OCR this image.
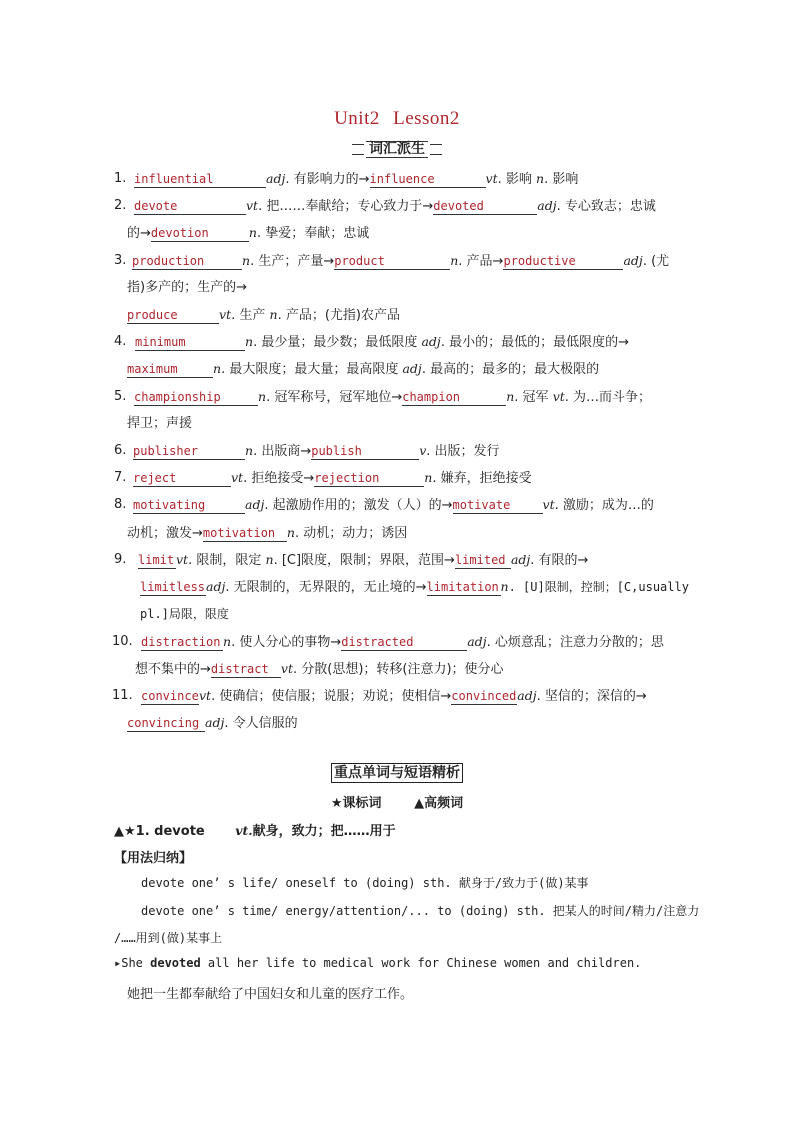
Unit2 Lesson2
词汇派生
1. influential	adj. 有影响力的→influence	vt. 影响 n. 影响
2. devote	vt. 把……奉献给；专心致力于→devoted	adj. 专心致志；忠诚
的→devotion	n. 挚爱；奉献；忠诚
3. production	n. 生产；产量→product	n. 产品→productive	adj. (尤
指)多产的；生产的→
produce	vt. 生产 n. 产品；(尤指)农产品
4. minimum	n. 最少量；最少数；最低限度 adj. 最小的；最低的；最低限度的→
maximum	n. 最大限度；最大量；最高限度 adj. 最高的；最多的；最大极限的
5. championship	n. 冠军称号，冠军地位→champion	n. 冠军 vt. 为…而斗争；
捍卫；声援
6. publisher	n. 出版商→publish	v. 出版；发行
7. reject	vt. 拒绝接受→rejection	n. 嫌弃，拒绝接受
8. motivating	adj. 起激励作用的；激发（人）的→motivate	vt. 激励；成为…的
动机；激发→motivation n. 动机；动力；诱因
9. limit vt. 限制，限定 n. [C]限度，限制；界限，范围→limited adj. 有限的→
limitlessadj. 无限制的，无界限的，无止境的→limitation n. [U]限制，控制；[C,usually
pl.]局限，限度
10. distraction n. 使人分心的事物→distracted	adj. 心烦意乱；注意力分散的；思
想不集中的→distract vt. 分散(思想)；转移(注意力)；使分心
11. convincevt. 使确信；使信服；说服；劝说；使相信→convincedadj. 坚信的；深信的→
convincing adj. 令人信服的
重点单词与短语精析
★课标词	▲高频词
▲★1. devote vt.献身，致力；把……用于
【用法归纳】
devote one’ s life/ oneself to (doing) sth. 献身于/致力于(做)某事
devote one’ s time/ energy/attention/... to (doing) sth. 把某人的时间/精力/注意力
/……用到(做)某事上
▸She devoted all her life to medical work for Chinese women and children.
她把一生都奉献给了中国妇女和儿童的医疗工作。
